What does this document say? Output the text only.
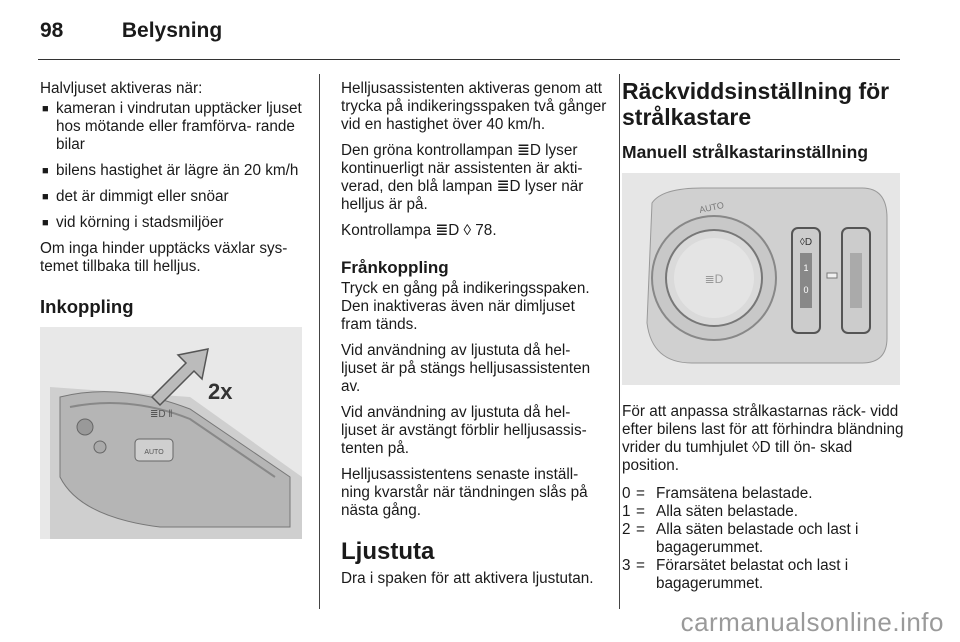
98	Belysning

Halvljuset aktiveras när:

■ kameran i vindrutan upptäcker ljuset hos mötande eller framförva- rande bilar
■ bilens hastighet är lägre än 20 km/h
■ det är dimmigt eller snöar
■ vid körning i stadsmiljöer

Om inga hinder upptäcks växlar sys- temet tillbaka till helljus.

Inkoppling
AUTO
≣D ‖
2x

Helljusassistenten aktiveras genom att trycka på indikeringsspaken två gånger vid en hastighet över 40 km/h.

Den gröna kontrollampan ≣D lyser kontinuerligt när assistenten är akti- verad, den blå lampan ≣D lyser när helljus är på.

Kontrollampa ≣D ◊ 78.

Frånkoppling

Tryck en gång på indikeringsspaken. Den inaktiveras även när dimljuset fram tänds.

Vid användning av ljustuta då hel- ljuset är på stängs helljusassistenten av.

Vid användning av ljustuta då hel- ljuset är avstängt förblir helljusassis- tenten på.

Helljusassistentens senaste inställ- ning kvarstår när tändningen slås på nästa gång.

Ljustuta

Dra i spaken för att aktivera ljustutan.

Räckviddsinställning för strålkastare
Manuell strålkastarinställning
≣D
AUTO
1
0
◊D

För att anpassa strålkastarnas räck- vidd efter bilens last för att förhindra bländning vrider du tumhjulet ◊D till ön- skad position.

0 = Framsätena belastade.
1 = Alla säten belastade.
2 = Alla säten belastade och last i bagagerummet.
3 = Förarsätet belastat och last i bagagerummet.
carmanualsonline.info
